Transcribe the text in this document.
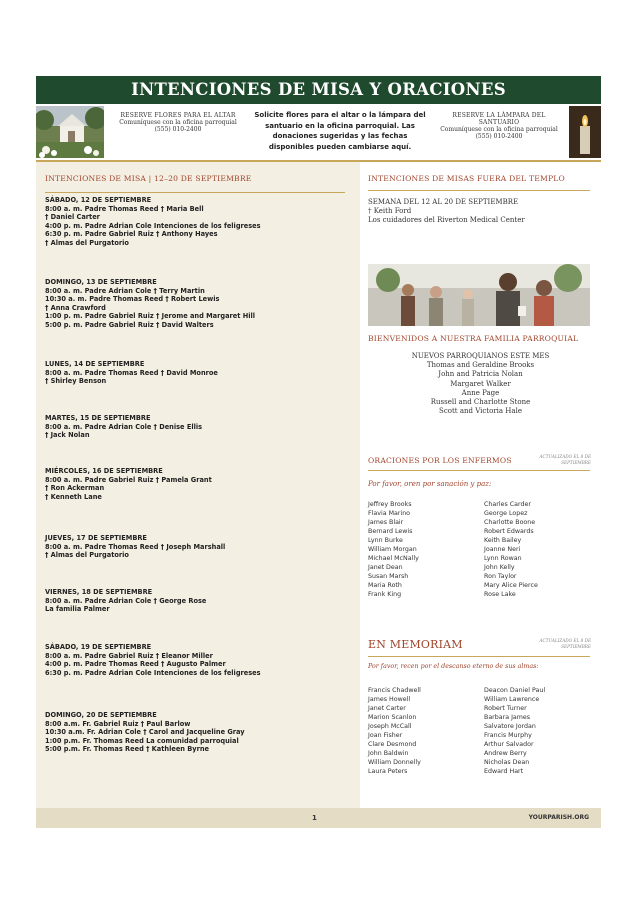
INTENCIONES DE MISA Y ORACIONES
RESERVE FLORES PARA EL ALTAR
Comuníquese con la oficina parroquial
(555) 010-2400
Solicite flores para el altar o la lámpara del santuario en la oficina parroquial. Las donaciones sugeridas y las fechas disponibles pueden cambiarse aquí.
RESERVE LA LÁMPARA DEL SANTUARIO
Comuníquese con la oficina parroquial
(555) 010-2400
INTENCIONES DE MISA | 12–20 DE SEPTIEMBRE
SÁBADO, 12 DE SEPTIEMBRE
8:00 a. m. Padre Thomas Reed † Maria Bell
† Daniel Carter
4:00 p. m. Padre Adrian Cole Intenciones de los feligreses
6:30 p. m. Padre Gabriel Ruiz † Anthony Hayes
† Almas del Purgatorio
DOMINGO, 13 DE SEPTIEMBRE
8:00 a. m. Padre Adrian Cole † Terry Martin
10:30 a. m. Padre Thomas Reed † Robert Lewis
† Anna Crawford
1:00 p. m. Padre Gabriel Ruiz † Jerome and Margaret Hill
5:00 p. m. Padre Gabriel Ruiz † David Walters
LUNES, 14 DE SEPTIEMBRE
8:00 a. m. Padre Thomas Reed † David Monroe
† Shirley Benson
MARTES, 15 DE SEPTIEMBRE
8:00 a. m. Padre Adrian Cole † Denise Ellis
† Jack Nolan
MIÉRCOLES, 16 DE SEPTIEMBRE
8:00 a. m. Padre Gabriel Ruiz † Pamela Grant
† Ron Ackerman
† Kenneth Lane
JUEVES, 17 DE SEPTIEMBRE
8:00 a. m. Padre Thomas Reed † Joseph Marshall
† Almas del Purgatorio
VIERNES, 18 DE SEPTIEMBRE
8:00 a. m. Padre Adrian Cole † George Rose
La familia Palmer
SÁBADO, 19 DE SEPTIEMBRE
8:00 a. m. Padre Gabriel Ruiz † Eleanor Miller
4:00 p. m. Padre Thomas Reed † Augusto Palmer
6:30 p. m. Padre Adrian Cole Intenciones de los feligreses
DOMINGO, 20 DE SEPTIEMBRE
8:00 a.m. Fr. Gabriel Ruiz † Paul Barlow
10:30 a.m. Fr. Adrian Cole † Carol and Jacqueline Gray
1:00 p.m. Fr. Thomas Reed La comunidad parroquial
5:00 p.m. Fr. Thomas Reed † Kathleen Byrne
INTENCIONES DE MISAS FUERA DEL TEMPLO
SEMANA DEL 12 AL 20 DE SEPTIEMBRE
† Keith Ford
Los cuidadores del Riverton Medical Center
BIENVENIDOS A NUESTRA FAMILIA PARROQUIAL
NUEVOS PARROQUIANOS ESTE MES
Thomas and Geraldine Brooks
John and Patricia Nolan
Margaret Walker
Anne Page
Russell and Charlotte Stone
Scott and Victoria Hale
ORACIONES POR LOS ENFERMOS	ACTUALIZADO EL 8 DE SEPTIEMBRE
Por favor, oren por sanación y paz:
Jeffrey Brooks
Flavia Marino
James Blair
Bernard Lewis
Lynn Burke
William Morgan
Michael McNally
Janet Dean
Susan Marsh
Maria Roth
Frank King
Charles Carder
George Lopez
Charlotte Boone
Robert Edwards
Keith Bailey
Joanne Neri
Lynn Rowan
John Kelly
Ron Taylor
Mary Alice Pierce
Rose Lake
EN MEMORIAM	ACTUALIZADO EL 8 DE SEPTIEMBRE
Por favor, recen por el descanso eterno de sus almas:
Francis Chadwell
James Howell
Janet Carter
Marion Scanlon
Joseph McCall
Joan Fisher
Clare Desmond
John Baldwin
William Donnelly
Laura Peters
Deacon Daniel Paul
William Lawrence
Robert Turner
Barbara James
Salvatore Jordan
Francis Murphy
Arthur Salvador
Andrew Berry
Nicholas Dean
Edward Hart
1	YOURPARISH.ORG
